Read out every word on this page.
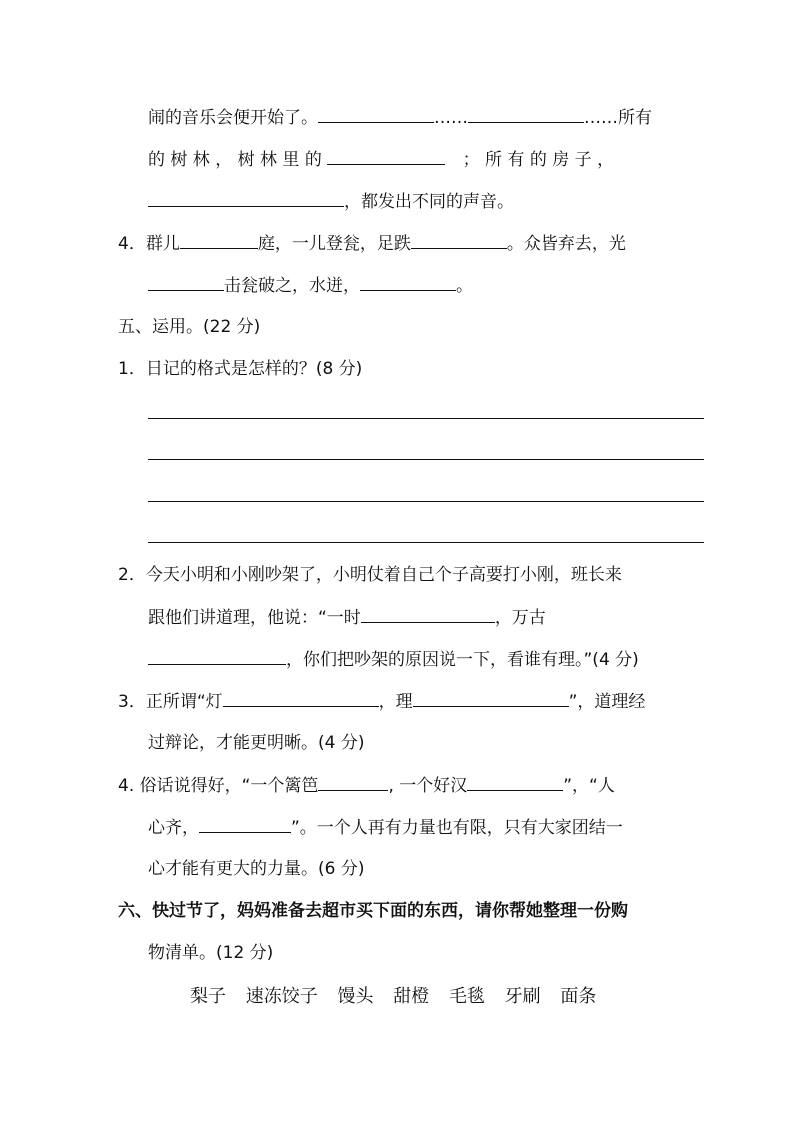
闹的音乐会便开始了。	……	……所有
的 树 林 ， 树 林 里 的	； 所 有 的 房 子 ，
，都发出不同的声音。
4．群儿	庭，一儿登瓮，足跌	。众皆弃去，光
击瓮破之，水迸，	。
五、运用。(22 分)
1．日记的格式是怎样的？(8 分)
2．今天小明和小刚吵架了，小明仗着自己个子高要打小刚，班长来
跟他们讲道理，他说：“一时	，万古
，你们把吵架的原因说一下，看谁有理。”(4 分)
3．正所谓“灯	，理	”，道理经
过辩论，才能更明晰。(4 分)
4. 俗话说得好，“一个篱笆	, 一个好汉	”，“人
心齐，	”。一个人再有力量也有限，只有大家团结一
心才能有更大的力量。(6 分)
六、快过节了，妈妈准备去超市买下面的东西，请你帮她整理一份购
物清单。(12 分)
梨子 速冻饺子 馒头 甜橙 毛毯 牙刷 面条
